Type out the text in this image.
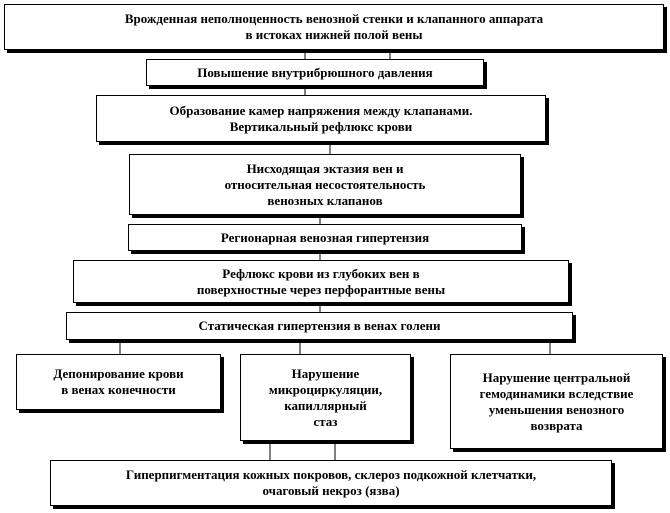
Врожденная неполноценность венозной стенки и клапанного аппарата
в истоках нижней полой вены
Повышение внутрибрюшного давления
Образование камер напряжения между клапанами.
Вертикальный рефлюкс крови
Нисходящая эктазия вен и
относительная несостоятельность
венозных клапанов
Регионарная венозная гипертензия
Рефлюкс крови из глубоких вен в
поверхностные через перфорантные вены
Статическая гипертензия в венах голени
Депонирование крови
в венах конечности
Нарушение
микроциркуляции,
капиллярный
стаз
Нарушение центральной
гемодинамики вследствие
уменьшения венозного
возврата
Гиперпигментация кожных покровов, склероз подкожной клетчатки,
очаговый некроз (язва)
